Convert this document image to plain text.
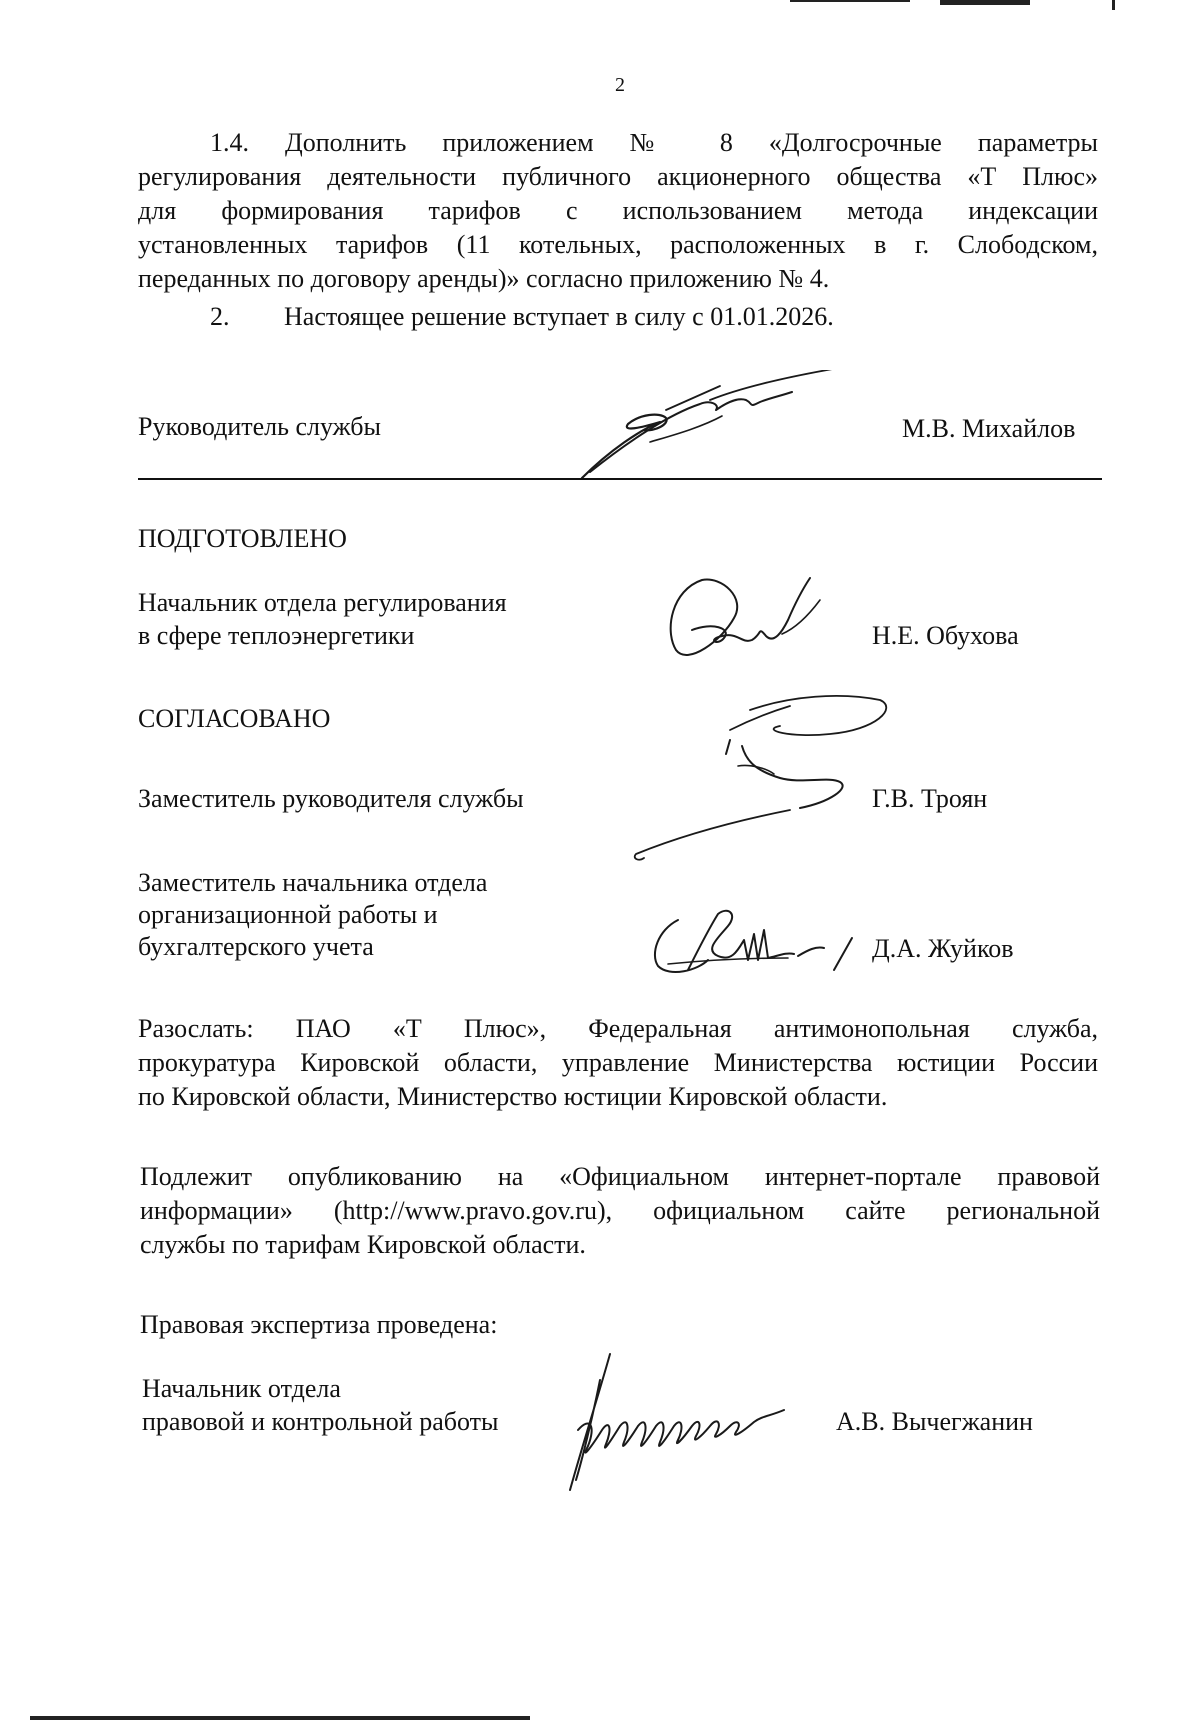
2
1.4. Дополнить приложением № 8 «Долгосрочные параметры
регулирования деятельности публичного акционерного общества «Т Плюс»
для формирования тарифов с использованием метода индексации
установленных тарифов (11 котельных, расположенных в г. Слободском,
переданных по договору аренды)» согласно приложению № 4.
2. Настоящее решение вступает в силу с 01.01.2026.
Руководитель службы	М.В. Михайлов
ПОДГОТОВЛЕНО
Начальник отдела регулирования
в сфере теплоэнергетики	Н.Е. Обухова
СОГЛАСОВАНО
Заместитель руководителя службы	Г.В. Троян
Заместитель начальника отдела
организационной работы и
бухгалтерского учета	Д.А. Жуйков
Разослать: ПАО «Т Плюс», Федеральная антимонопольная служба,
прокуратура Кировской области, управление Министерства юстиции России
по Кировской области, Министерство юстиции Кировской области.
Подлежит опубликованию на «Официальном интернет-портале правовой
информации» (http://www.pravo.gov.ru), официальном сайте региональной
службы по тарифам Кировской области.
Правовая экспертиза проведена:
Начальник отдела
правовой и контрольной работы	А.В. Вычегжанин
